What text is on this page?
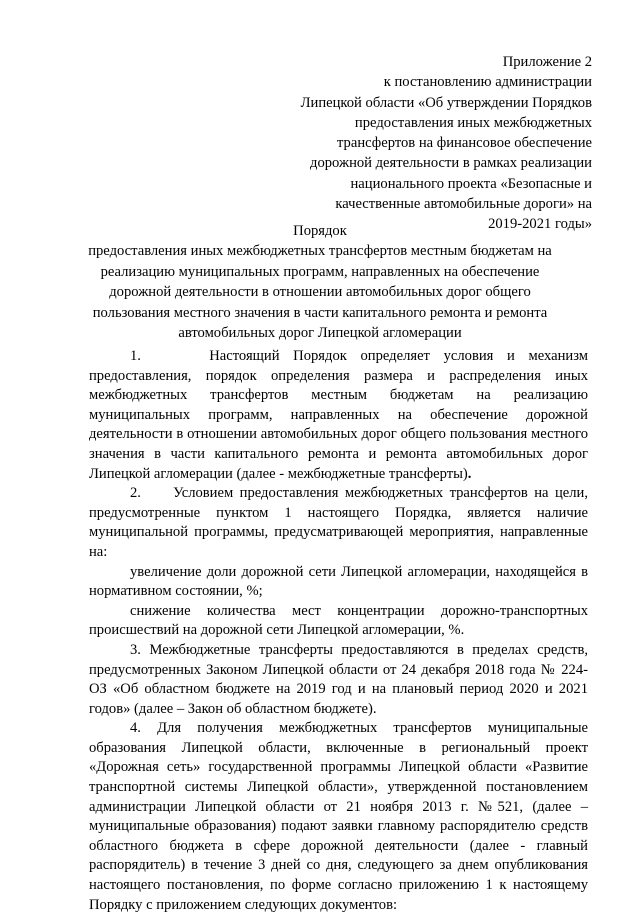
Приложение 2
к постановлению администрации
Липецкой области «Об утверждении Порядков
предоставления иных межбюджетных
трансфертов на финансовое обеспечение
дорожной деятельности в рамках реализации
национального проекта «Безопасные и
качественные автомобильные дороги» на
2019-2021 годы»
Порядок
предоставления иных межбюджетных трансфертов местным бюджетам на
реализацию муниципальных программ, направленных на обеспечение
дорожной деятельности в отношении автомобильных дорог общего
пользования местного значения в части капитального ремонта и ремонта
автомобильных дорог Липецкой агломерации

1.     Настоящий Порядок определяет условия и механизм предоставления, порядок определения размера и распределения иных межбюджетных трансфертов местным бюджетам на реализацию муниципальных программ, направленных на обеспечение дорожной деятельности в отношении автомобильных дорог общего пользования местного значения в части капитального ремонта и ремонта автомобильных дорог Липецкой агломерации (далее - межбюджетные трансферты).

2.     Условием предоставления межбюджетных трансфертов на цели, предусмотренные пунктом 1 настоящего Порядка, является наличие муниципальной программы, предусматривающей мероприятия, направленные на:

увеличение доли дорожной сети Липецкой агломерации, находящейся в нормативном состоянии, %;

снижение количества мест концентрации дорожно-транспортных происшествий на дорожной сети Липецкой агломерации, %.

3. Межбюджетные трансферты предоставляются в пределах средств, предусмотренных Законом Липецкой области от 24 декабря 2018 года № 224-ОЗ «Об областном бюджете на 2019 год и на плановый период 2020 и 2021 годов» (далее – Закон об областном бюджете).

4. Для получения межбюджетных трансфертов муниципальные образования Липецкой области, включенные в региональный проект «Дорожная сеть» государственной программы Липецкой области «Развитие транспортной системы Липецкой области», утвержденной постановлением администрации Липецкой области от 21 ноября 2013 г. №521, (далее – муниципальные образования) подают заявки главному распорядителю средств областного бюджета в сфере дорожной деятельности (далее - главный распорядитель) в течение 3 дней со дня, следующего за днем опубликования настоящего постановления, по форме согласно приложению 1 к настоящему Порядку с приложением следующих документов:
